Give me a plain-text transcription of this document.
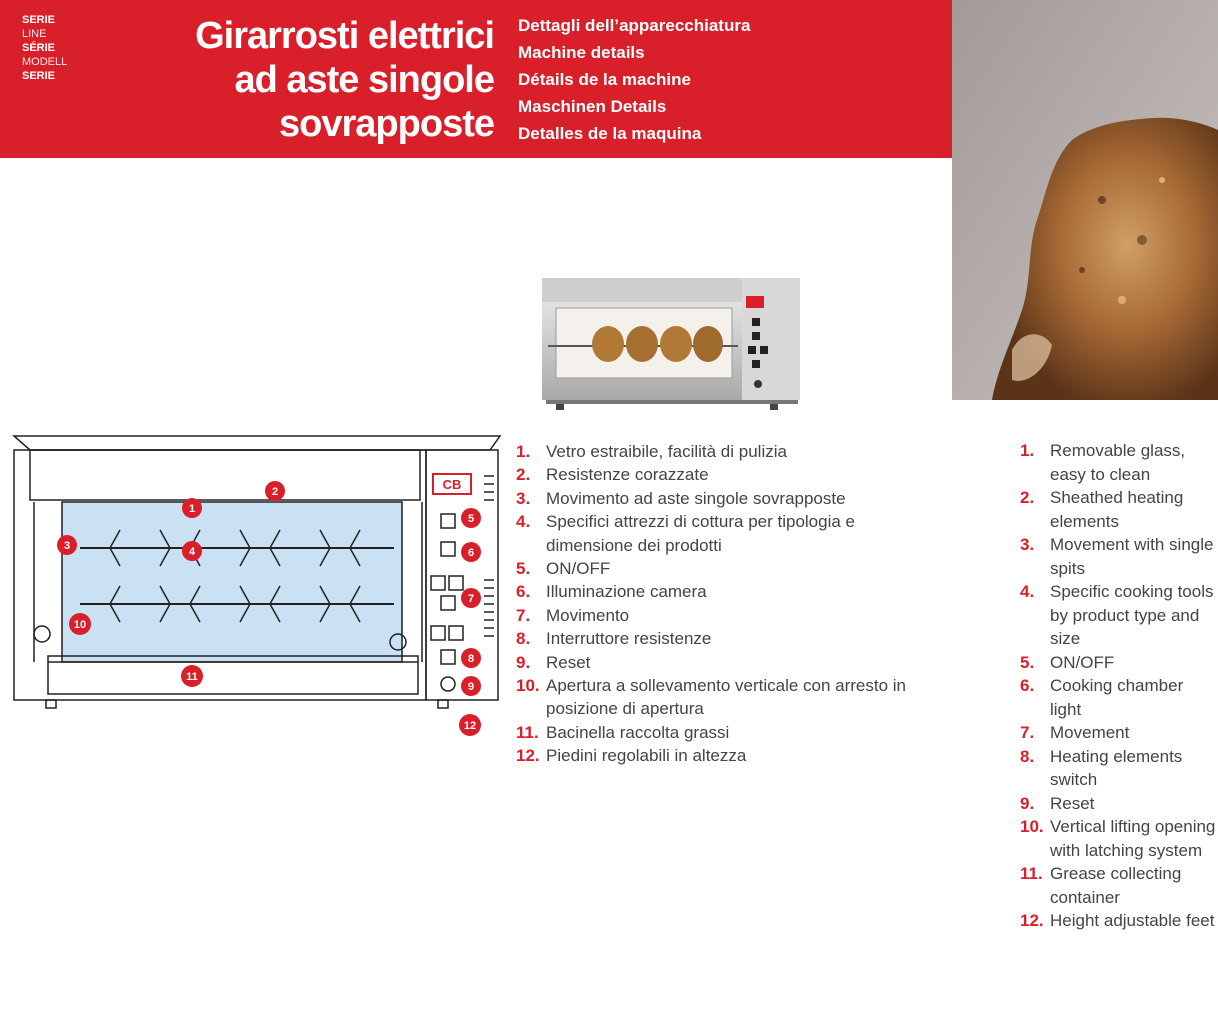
SERIE
LINE
SÉRIE
MODELL
SERIE
Girarrosti elettrici
ad aste singole
sovrapposte
Dettagli dell’apparecchiatura
Machine details
Détails de la machine
Maschinen Details
Detalles de la maquina
CB
1
2
3	4
5
6
7
8
9
10
11
12
1. Vetro estraibile, facilità di pulizia
2. Resistenze corazzate
3. Movimento ad aste singole sovrapposte
4. Specifici attrezzi di cottura per tipologia e dimensione dei prodotti
5. ON/OFF
6. Illuminazione camera
7. Movimento
8. Interruttore resistenze
9. Reset
10. Apertura a sollevamento verticale con arresto in posizione di apertura
11. Bacinella raccolta grassi
12. Piedini regolabili in altezza
1. Removable glass, easy to clean
2. Sheathed heating elements
3. Movement with single spits
4. Specific cooking tools by product type and size
5. ON/OFF
6. Cooking chamber light
7. Movement
8. Heating elements switch
9. Reset
10. Vertical lifting opening with latching system
11. Grease collecting container
12. Height adjustable feet
